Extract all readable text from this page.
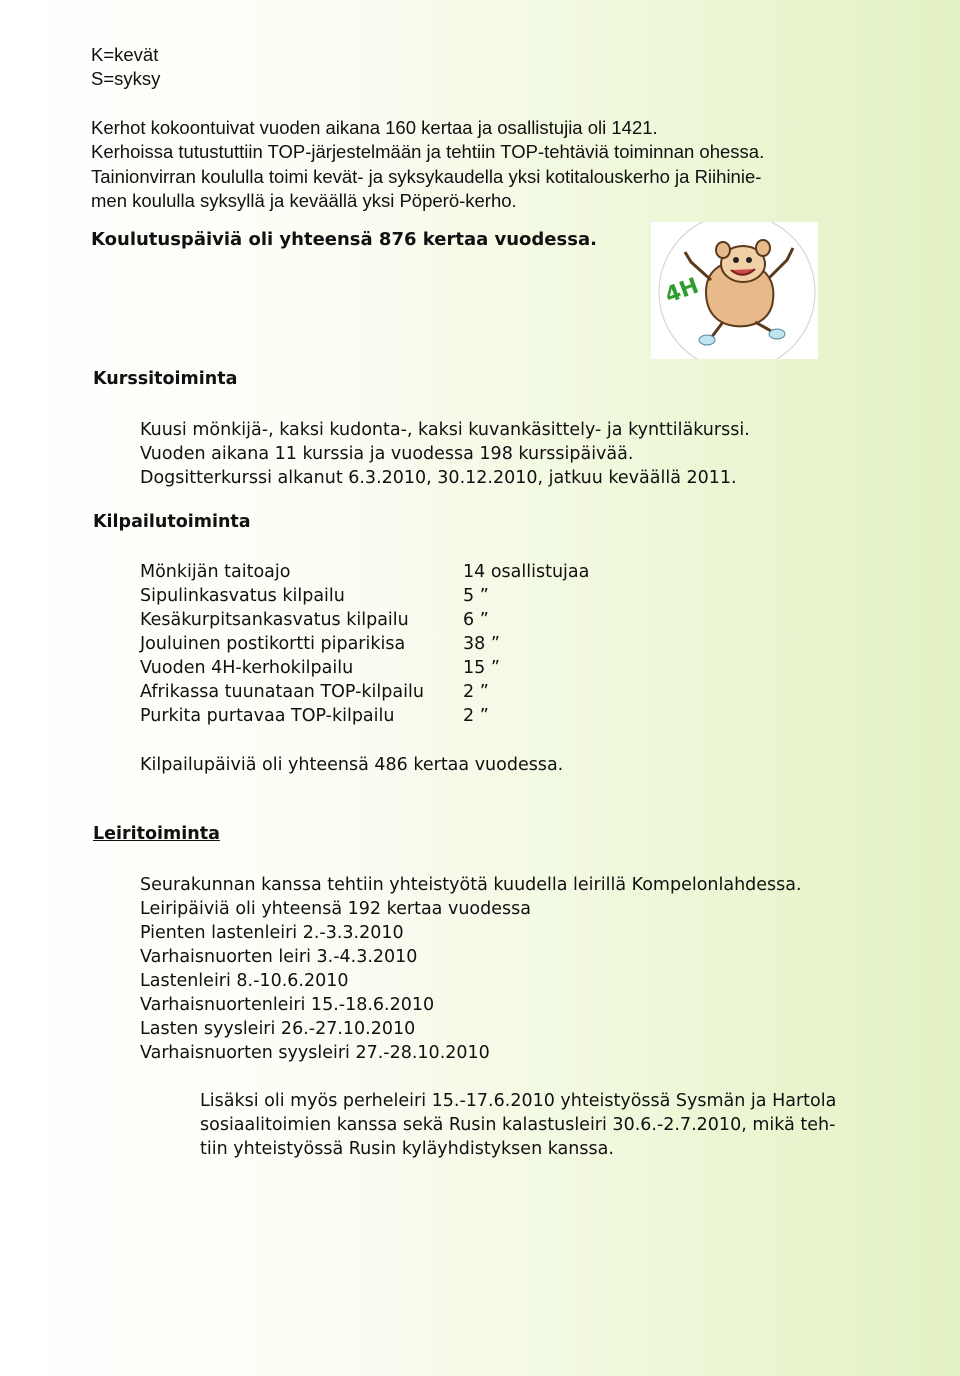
K=kevät

S=syksy

Kerhot kokoontuivat vuoden aikana 160 kertaa ja osallistujia oli 1421.

Kerhoissa tutustuttiin TOP-järjestelmään ja tehtiin TOP-tehtäviä toiminnan ohessa.

Tainionvirran koululla toimi kevät- ja syksykaudella yksi kotitalouskerho ja Riihinie-

men koululla syksyllä ja keväällä yksi Pöperö-kerho.

Koulutuspäiviä oli yhteensä 876 kertaa vuodessa.
4H
Kurssitoiminta

Kuusi mönkijä-, kaksi kudonta-, kaksi kuvankäsittely- ja kynttiläkurssi.

Vuoden aikana 11 kurssia ja vuodessa 198 kurssipäivää.

Dogsitterkurssi alkanut 6.3.2010, 30.12.2010, jatkuu keväällä 2011.

Kilpailutoiminta
Mönkijän taitoajo	14 osallistujaa
Sipulinkasvatus kilpailu	5 ”
Kesäkurpitsankasvatus kilpailu	6 ”
Jouluinen postikortti piparikisa	38 ”
Vuoden 4H-kerhokilpailu	15 ”
Afrikassa tuunataan TOP-kilpailu	2 ”
Purkita purtavaa TOP-kilpailu	2 ”
Kilpailupäiviä oli yhteensä 486 kertaa vuodessa.
Leiritoiminta

Seurakunnan kanssa tehtiin yhteistyötä kuudella leirillä Kompelonlahdessa.

Leiripäiviä oli yhteensä 192 kertaa vuodessa

Pienten lastenleiri 2.-3.3.2010

Varhaisnuorten leiri 3.-4.3.2010

Lastenleiri 8.-10.6.2010

Varhaisnuortenleiri 15.-18.6.2010

Lasten syysleiri 26.-27.10.2010

Varhaisnuorten syysleiri 27.-28.10.2010

Lisäksi oli myös perheleiri 15.-17.6.2010 yhteistyössä Sysmän ja Hartola

sosiaalitoimien kanssa sekä Rusin kalastusleiri 30.6.-2.7.2010, mikä teh-

tiin yhteistyössä Rusin kyläyhdistyksen kanssa.
